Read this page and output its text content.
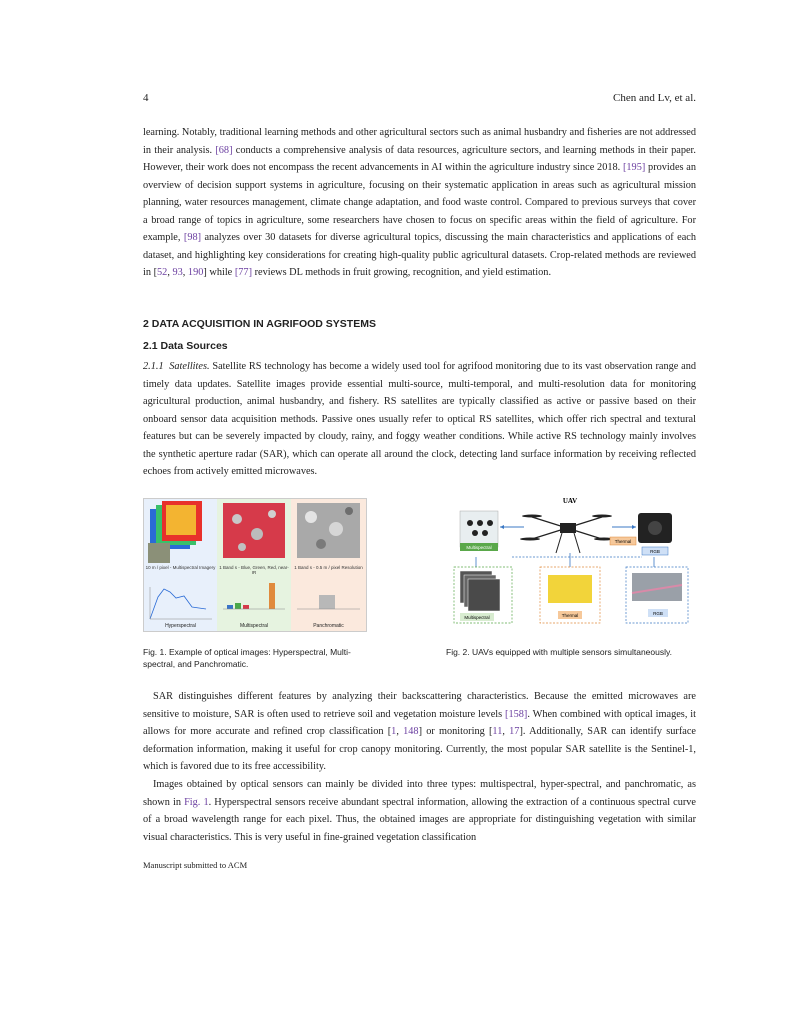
4	Chen and Lv, et al.

learning. Notably, traditional learning methods and other agricultural sectors such as animal husbandry and fisheries are not addressed in their analysis. [68] conducts a comprehensive analysis of data resources, agriculture sectors, and learning methods in their paper. However, their work does not encompass the recent advancements in AI within the agriculture industry since 2018. [195] provides an overview of decision support systems in agriculture, focusing on their systematic application in areas such as agricultural mission planning, water resources management, climate change adaptation, and food waste control. Compared to previous surveys that cover a broad range of topics in agriculture, some researchers have chosen to focus on specific areas within the field of agriculture. For example, [98] analyzes over 30 datasets for diverse agricultural topics, discussing the main characteristics and applications of each dataset, and highlighting key considerations for creating high-quality public agricultural datasets. Crop-related methods are reviewed in [52, 93, 190] while [77] reviews DL methods in fruit growing, recognition, and yield estimation.

2 DATA ACQUISITION IN AGRIFOOD SYSTEMS
2.1 Data Sources

2.1.1 Satellites. Satellite RS technology has become a widely used tool for agrifood monitoring due to its vast observation range and timely data updates. Satellite images provide essential multi-source, multi-temporal, and multi-resolution data for monitoring agricultural production, animal husbandry, and fishery. RS satellites are typically classified as active or passive based on their onboard sensor data acquisition methods. Passive ones usually refer to optical RS satellites, which offer rich spectral and textural features but can be severely impacted by cloudy, rainy, and foggy weather conditions. While active RS technology mainly involves the synthetic aperture radar (SAR), which can operate all around the clock, detecting land surface information by receiving reflected echoes from actively emitted microwaves.

10 m / pixel - Multispectral Imagery
Hyperspectral
1 Band s - Blue, Green, Red, near-IR
Multispectral
1 Band s - 0.5 m / pixel Resolution
Panchromatic
UAV
Multispectral
Thermal
RGB
Multispectral	Thermal	RGB
Fig. 1. Example of optical images: Hyperspectral, Multi-spectral, and Panchromatic.
Fig. 2. UAVs equipped with multiple sensors simultaneously.

SAR distinguishes different features by analyzing their backscattering characteristics. Because the emitted microwaves are sensitive to moisture, SAR is often used to retrieve soil and vegetation moisture levels [158]. When combined with optical images, it allows for more accurate and refined crop classification [1, 148] or monitoring [11, 17]. Additionally, SAR can identify surface deformation information, making it useful for crop canopy monitoring. Currently, the most popular SAR satellite is the Sentinel-1, which is favored due to its free accessibility.

Images obtained by optical sensors can mainly be divided into three types: multispectral, hyper-spectral, and panchromatic, as shown in Fig. 1. Hyperspectral sensors receive abundant spectral information, allowing the extraction of a continuous spectral curve of a broad wavelength range for each pixel. Thus, the obtained images are appropriate for distinguishing vegetation with similar visual characteristics. This is very useful in fine-grained vegetation classification

Manuscript submitted to ACM
